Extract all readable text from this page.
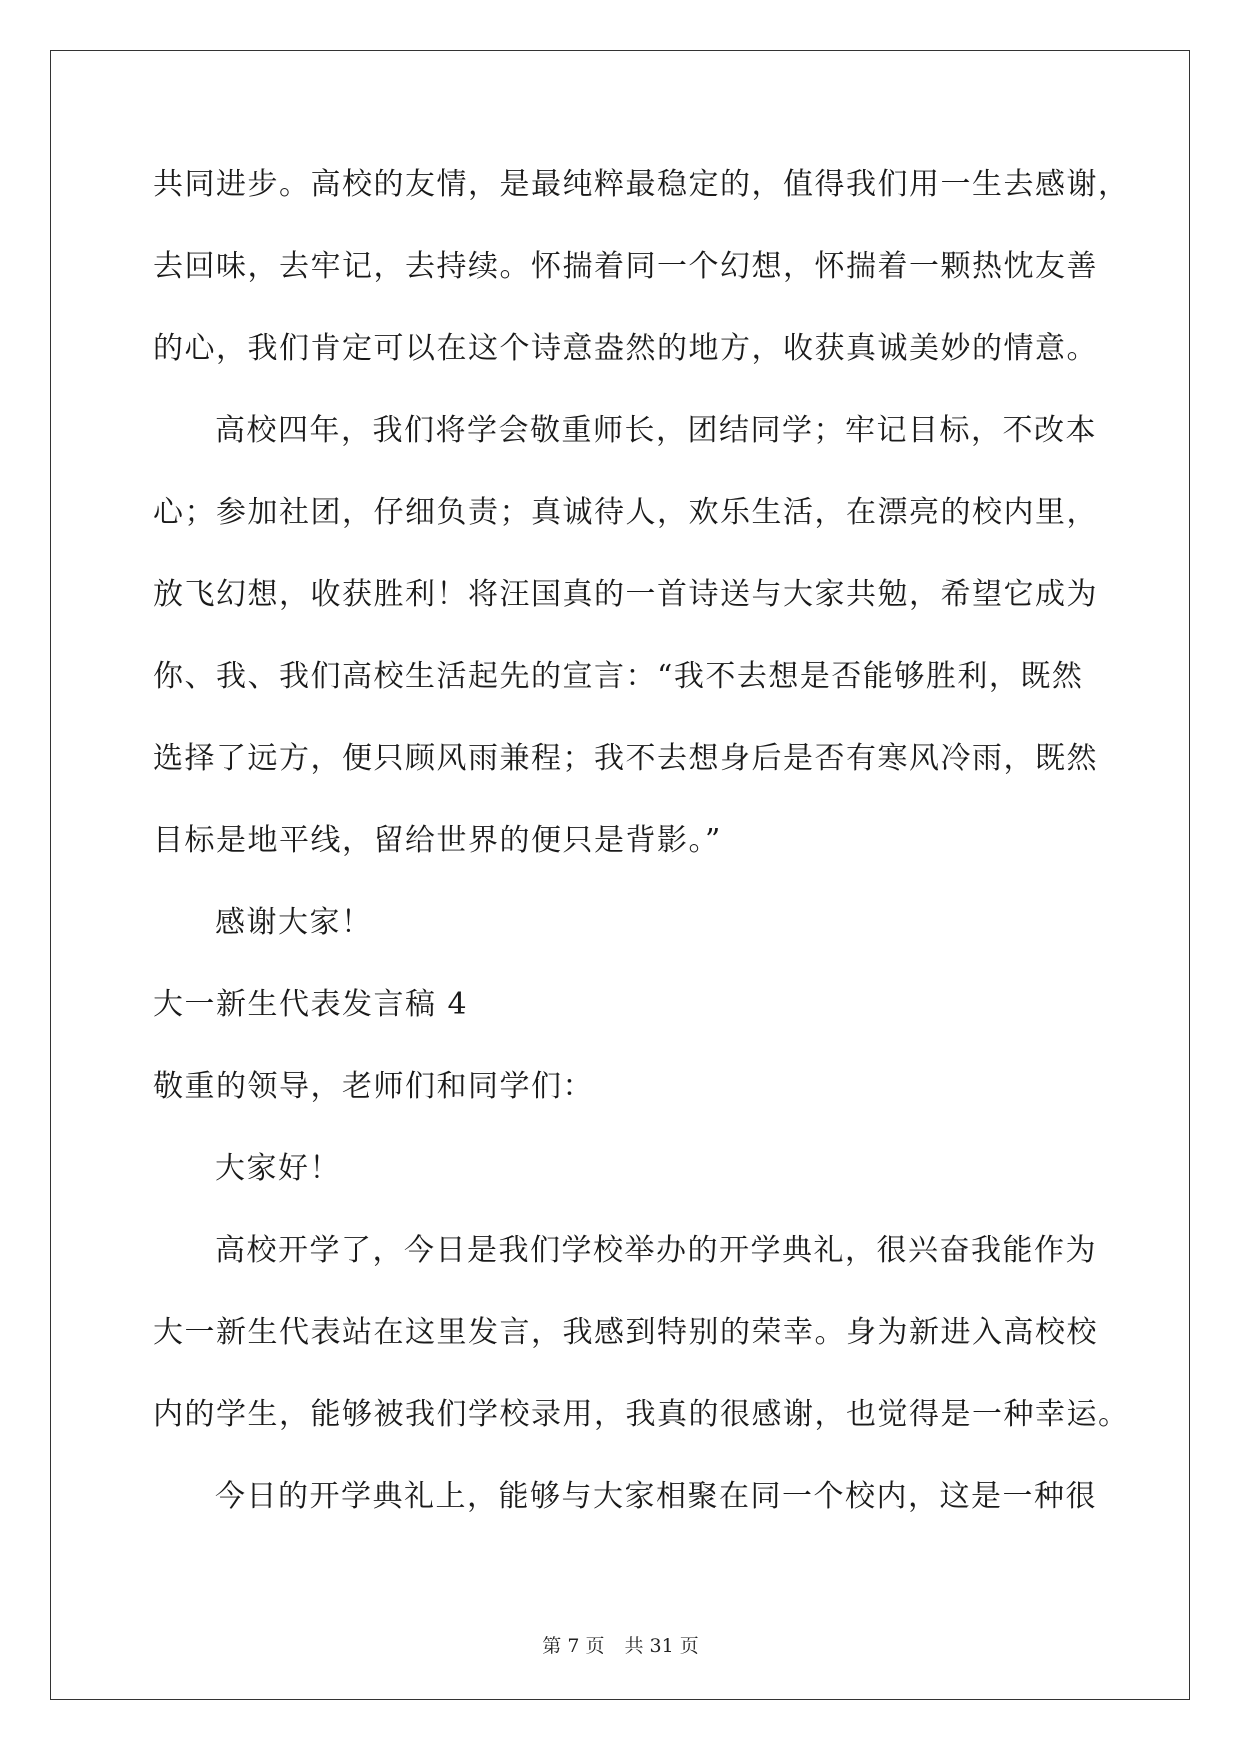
共同进步。高校的友情，是最纯粹最稳定的，值得我们用一生去感谢，
去回味，去牢记，去持续。怀揣着同一个幻想，怀揣着一颗热忱友善
的心，我们肯定可以在这个诗意盎然的地方，收获真诚美妙的情意。
高校四年，我们将学会敬重师长，团结同学；牢记目标，不改本
心；参加社团，仔细负责；真诚待人，欢乐生活，在漂亮的校内里，
放飞幻想，收获胜利！将汪国真的一首诗送与大家共勉，希望它成为
你、我、我们高校生活起先的宣言：“我不去想是否能够胜利，既然
选择了远方，便只顾风雨兼程；我不去想身后是否有寒风冷雨，既然
目标是地平线，留给世界的便只是背影。”
感谢大家！
大一新生代表发言稿 4
敬重的领导，老师们和同学们：
大家好！
高校开学了，今日是我们学校举办的开学典礼，很兴奋我能作为
大一新生代表站在这里发言，我感到特别的荣幸。身为新进入高校校
内的学生，能够被我们学校录用，我真的很感谢，也觉得是一种幸运。
今日的开学典礼上，能够与大家相聚在同一个校内，这是一种很
第 7 页 共 31 页
